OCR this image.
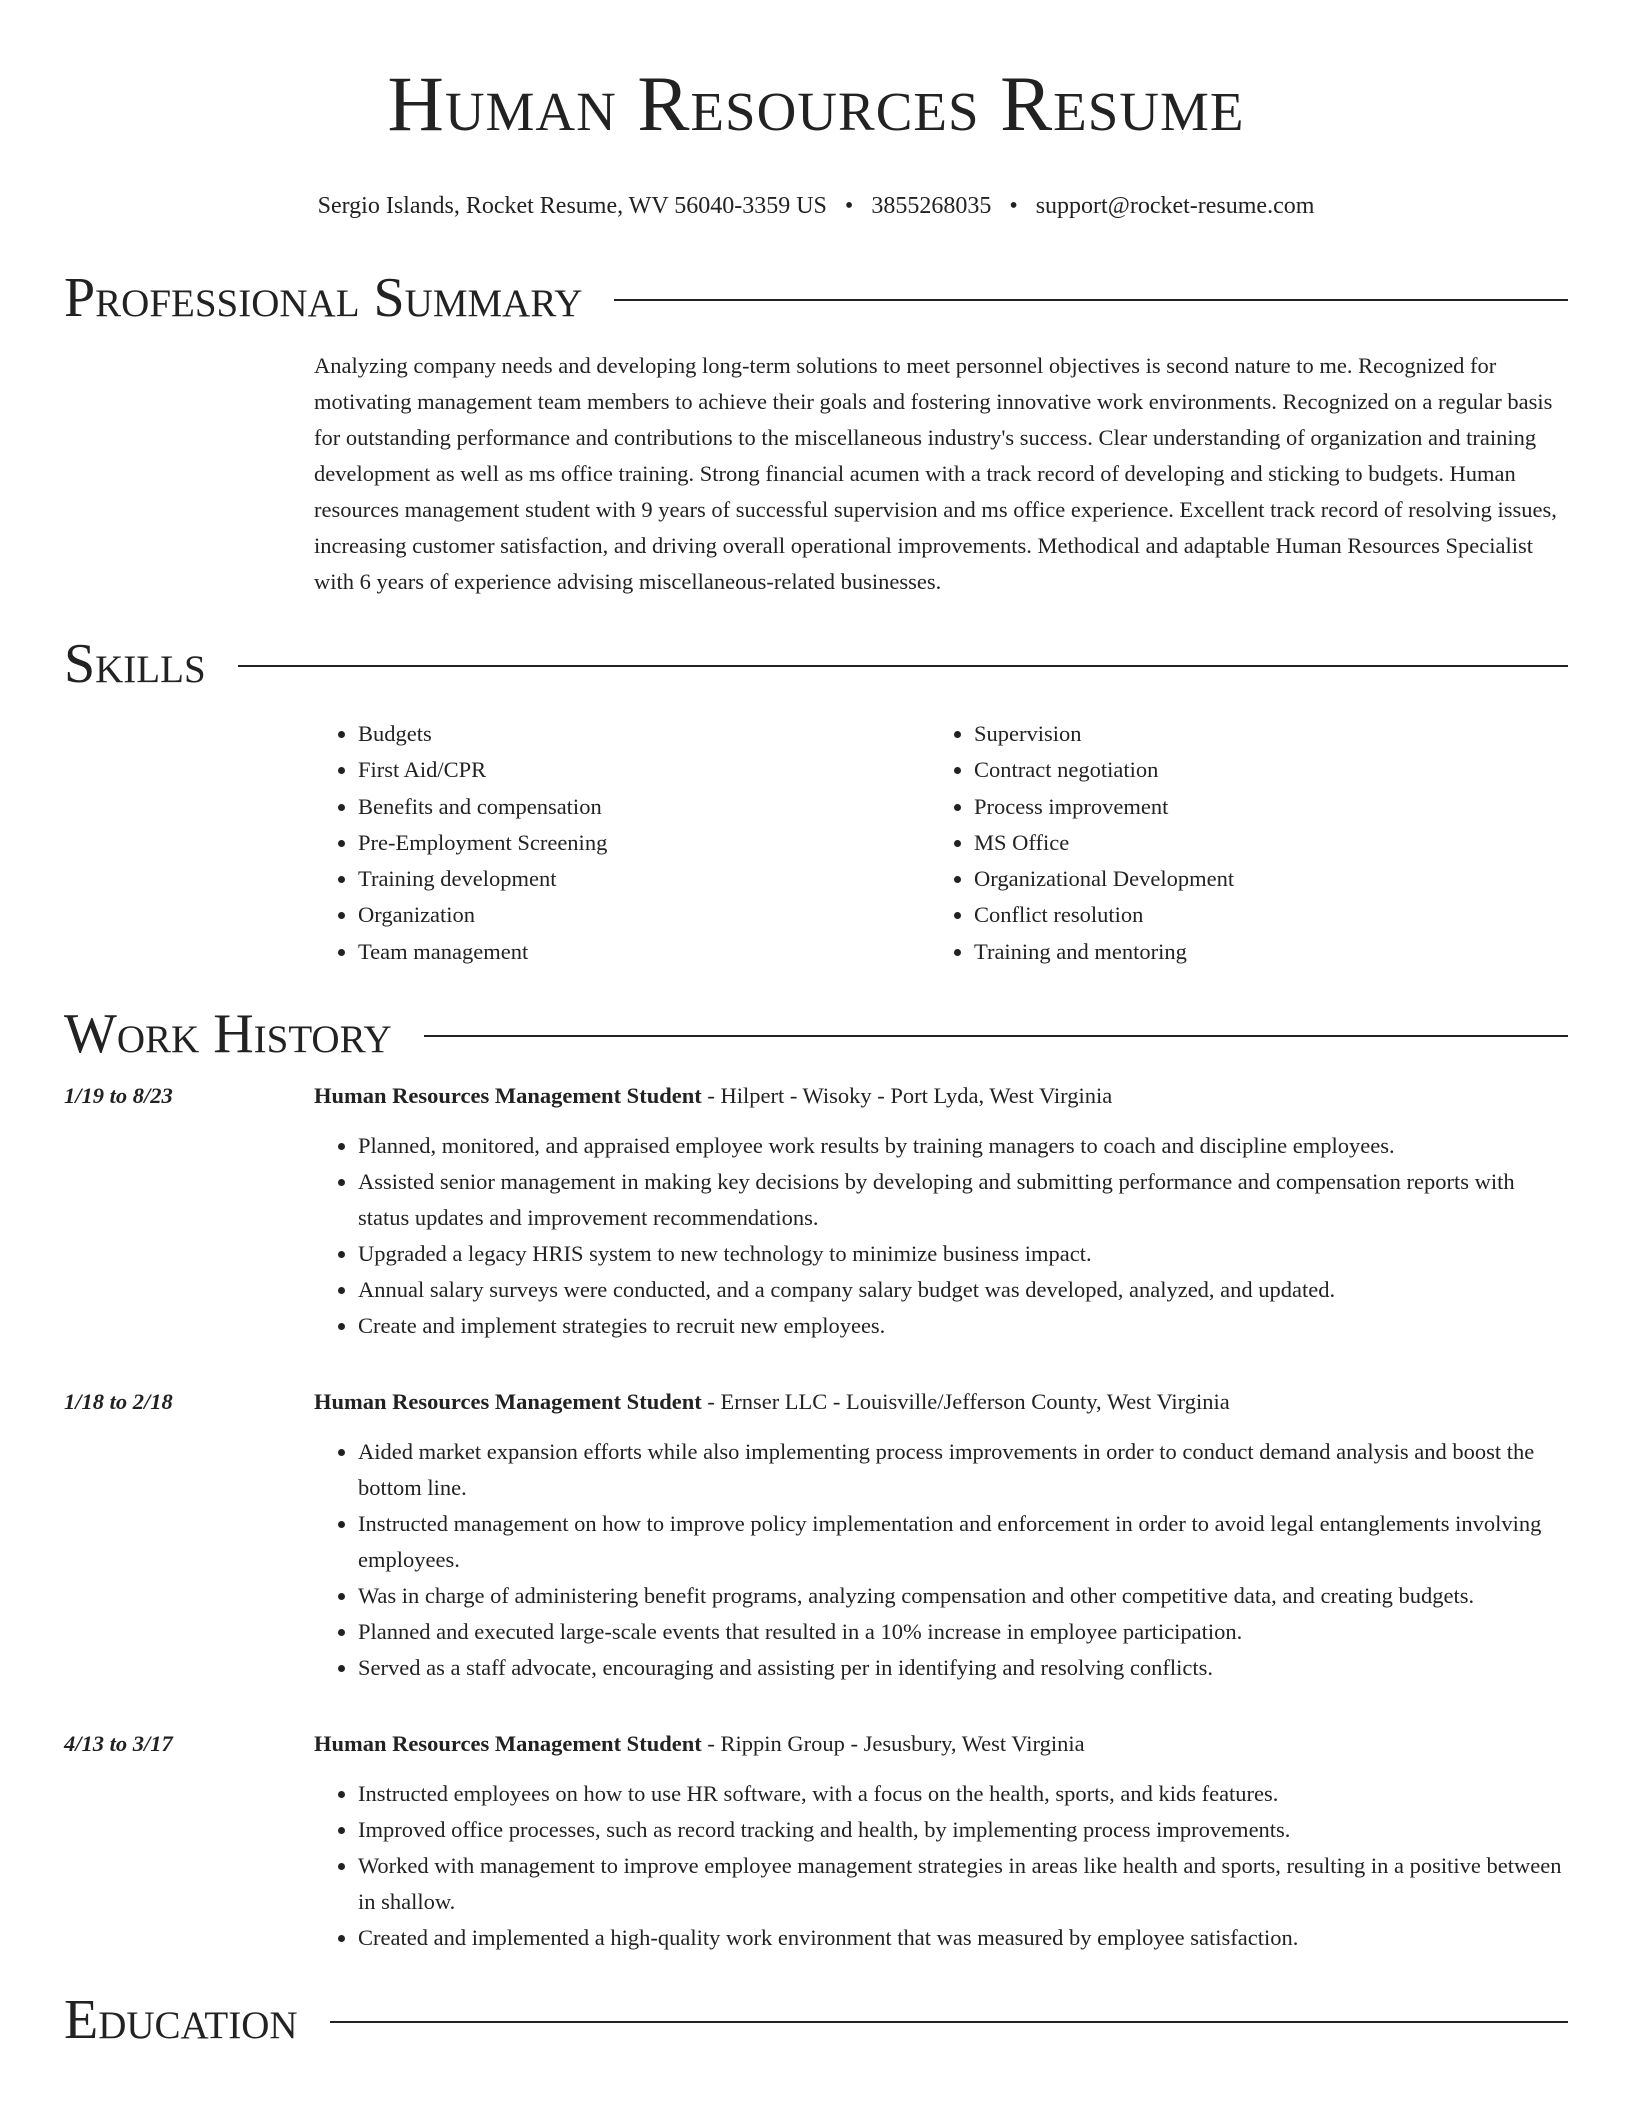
Human Resources Resume
Sergio Islands, Rocket Resume, WV 56040-3359 US • 3855268035 • support@rocket-resume.com
Professional Summary
Analyzing company needs and developing long-term solutions to meet personnel objectives is second nature to me. Recognized for motivating management team members to achieve their goals and fostering innovative work environments. Recognized on a regular basis for outstanding performance and contributions to the miscellaneous industry's success. Clear understanding of organization and training development as well as ms office training. Strong financial acumen with a track record of developing and sticking to budgets. Human resources management student with 9 years of successful supervision and ms office experience. Excellent track record of resolving issues, increasing customer satisfaction, and driving overall operational improvements. Methodical and adaptable Human Resources Specialist with 6 years of experience advising miscellaneous-related businesses.
Skills
• Budgets
• First Aid/CPR
• Benefits and compensation
• Pre-Employment Screening
• Training development
• Organization
• Team management
• Supervision
• Contract negotiation
• Process improvement
• MS Office
• Organizational Development
• Conflict resolution
• Training and mentoring
Work History
1/19 to 8/23	Human Resources Management Student - Hilpert - Wisoky - Port Lyda, West Virginia
• Planned, monitored, and appraised employee work results by training managers to coach and discipline employees.
• Assisted senior management in making key decisions by developing and submitting performance and compensation reports with status updates and improvement recommendations.
• Upgraded a legacy HRIS system to new technology to minimize business impact.
• Annual salary surveys were conducted, and a company salary budget was developed, analyzed, and updated.
• Create and implement strategies to recruit new employees.
1/18 to 2/18	Human Resources Management Student - Ernser LLC - Louisville/Jefferson County, West Virginia
• Aided market expansion efforts while also implementing process improvements in order to conduct demand analysis and boost the bottom line.
• Instructed management on how to improve policy implementation and enforcement in order to avoid legal entanglements involving employees.
• Was in charge of administering benefit programs, analyzing compensation and other competitive data, and creating budgets.
• Planned and executed large-scale events that resulted in a 10% increase in employee participation.
• Served as a staff advocate, encouraging and assisting per in identifying and resolving conflicts.
4/13 to 3/17	Human Resources Management Student - Rippin Group - Jesusbury, West Virginia
• Instructed employees on how to use HR software, with a focus on the health, sports, and kids features.
• Improved office processes, such as record tracking and health, by implementing process improvements.
• Worked with management to improve employee management strategies in areas like health and sports, resulting in a positive between in shallow.
• Created and implemented a high-quality work environment that was measured by employee satisfaction.
Education
